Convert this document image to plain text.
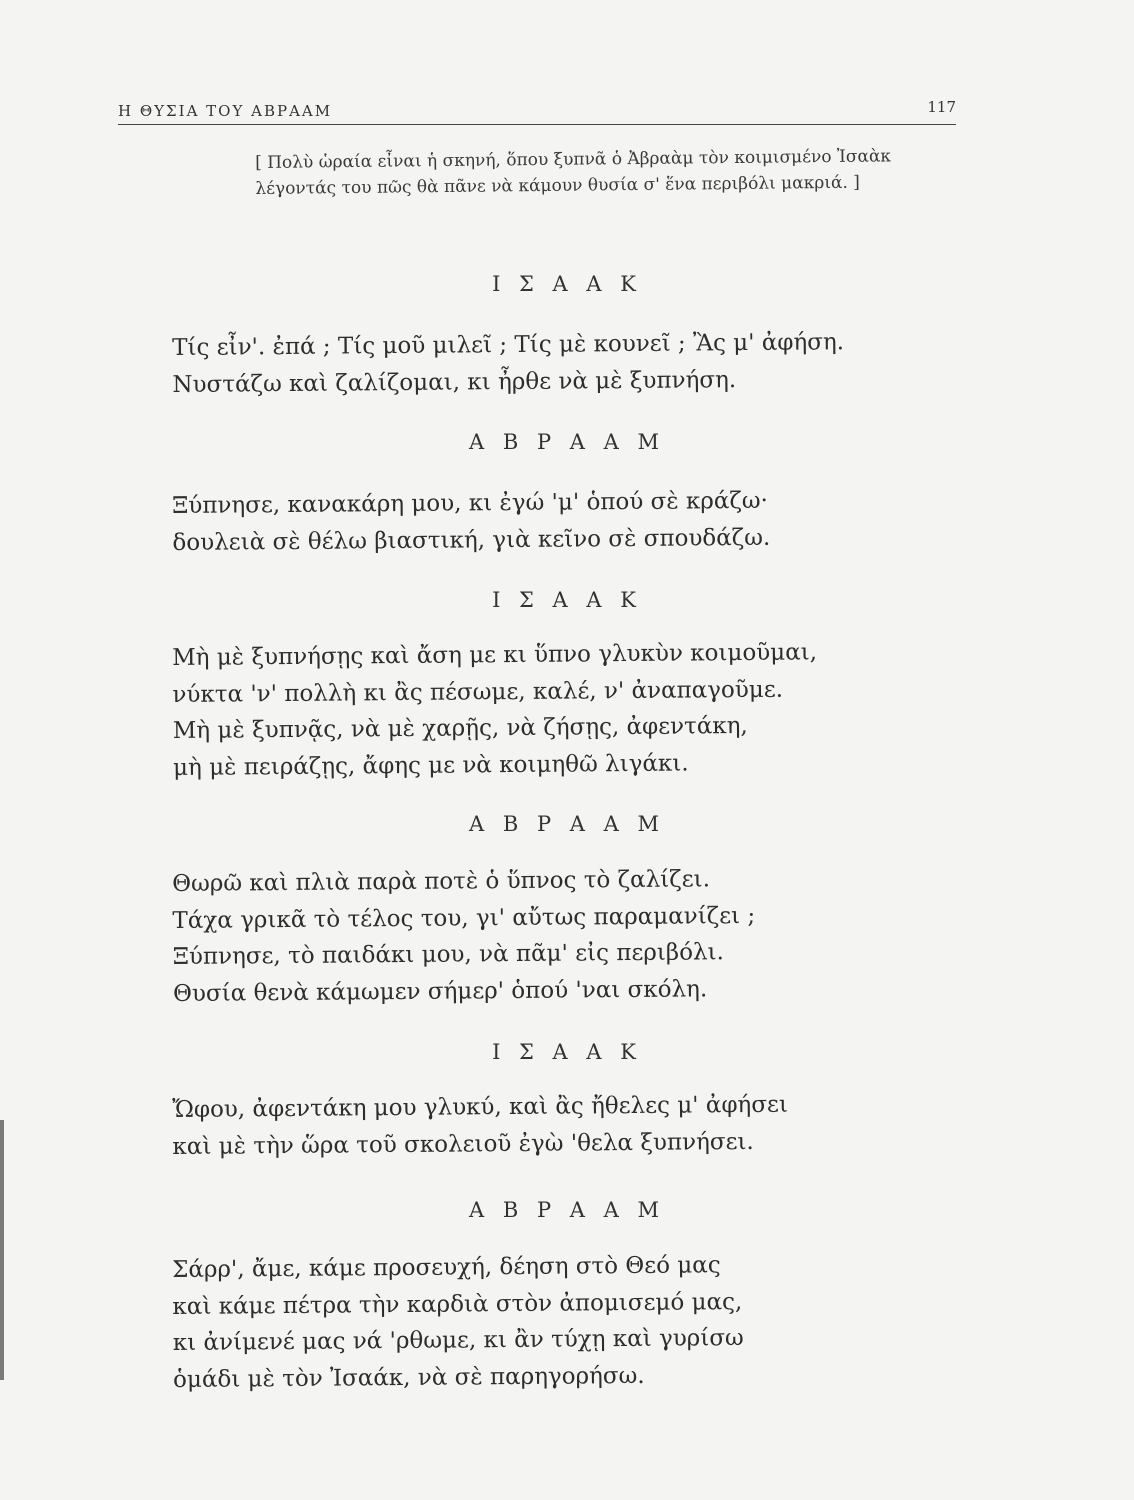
Η ΘΥΣΙΑ ΤΟΥ ΑΒΡΑΑΜ	117
[ Πολὺ ὡραία εἶναι ἡ σκηνή, ὅπου ξυπνᾶ ὁ Ἀβραὰμ τὸν κοιμισμένο Ἰσαὰκ λέγοντάς του πῶς θὰ πᾶνε νὰ κάμουν θυσία σ' ἕνα περιβόλι μακριά. ]
Ι Σ Α Α Κ
Τίς εἶν'. ἐπά ; Τίς μοῦ μιλεῖ ; Τίς μὲ κουνεῖ ; Ἂς μ' ἀφήση.
Νυστάζω καὶ ζαλίζομαι, κι ἦρθε νὰ μὲ ξυπνήση.
Α Β Ρ Α Α Μ
Ξύπνησε, κανακάρη μου, κι ἐγώ 'μ' ὁπού σὲ κράζω·
δουλειὰ σὲ θέλω βιαστική, γιὰ κεῖνο σὲ σπουδάζω.
Ι Σ Α Α Κ
Μὴ μὲ ξυπνήσῃς καὶ ἄση με κι ὕπνο γλυκὺν κοιμοῦμαι,
νύκτα 'ν' πολλὴ κι ἂς πέσωμε, καλέ, ν' ἀναπαγοῦμε.
Μὴ μὲ ξυπνᾷς, νὰ μὲ χαρῇς, νὰ ζήσῃς, ἀφεντάκη,
μὴ μὲ πειράζῃς, ἄφης με νὰ κοιμηθῶ λιγάκι.
Α Β Ρ Α Α Μ
Θωρῶ καὶ πλιὰ παρὰ ποτὲ ὁ ὕπνος τὸ ζαλίζει.
Τάχα γρικᾶ τὸ τέλος του, γι' αὔτως παραμανίζει ;
Ξύπνησε, τὸ παιδάκι μου, νὰ πᾶμ' εἰς περιβόλι.
Θυσία θενὰ κάμωμεν σήμερ' ὁπού 'ναι σκόλη.
Ι Σ Α Α Κ
Ὤφου, ἀφεντάκη μου γλυκύ, καὶ ἂς ἤθελες μ' ἀφήσει
καὶ μὲ τὴν ὥρα τοῦ σκολειοῦ ἐγὼ 'θελα ξυπνήσει.
Α Β Ρ Α Α Μ
Σάρρ', ἄμε, κάμε προσευχή, δέηση στὸ Θεό μας
καὶ κάμε πέτρα τὴν καρδιὰ στὸν ἀπομισεμό μας,
κι ἀνίμενέ μας νά 'ρθωμε, κι ἂν τύχῃ καὶ γυρίσω
ὁμάδι μὲ τὸν Ἰσαάκ, νὰ σὲ παρηγορήσω.
